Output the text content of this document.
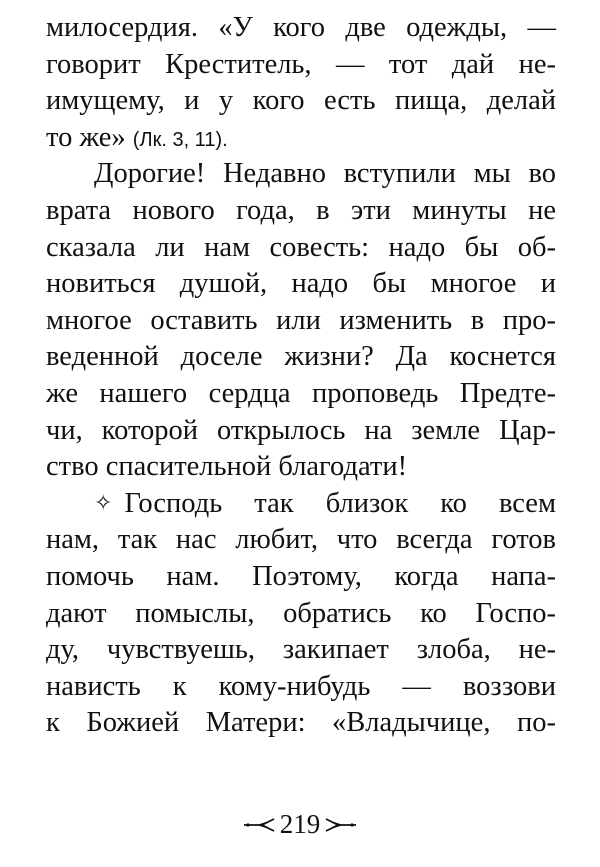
милосердия. «У кого две одежды, —
говорит Креститель, — тот дай не-
имущему, и у кого есть пища, делай
то же» (Лк. 3, 11).
Дорогие! Недавно вступили мы во
врата нового года, в эти минуты не
сказала ли нам совесть: надо бы об-
новиться душой, надо бы многое и
многое оставить или изменить в про-
веденной доселе жизни? Да коснется
же нашего сердца проповедь Предте-
чи, которой открылось на земле Цар-
ство спасительной благодати!
✧ Господь так близок ко всем
нам, так нас любит, что всегда готов
помочь нам. Поэтому, когда напа-
дают помыслы, обратись ко Госпо-
ду, чувствуешь, закипает злоба, не-
нависть к кому-нибудь — воззови
к Божией Матери: «Владычице, по-
219
